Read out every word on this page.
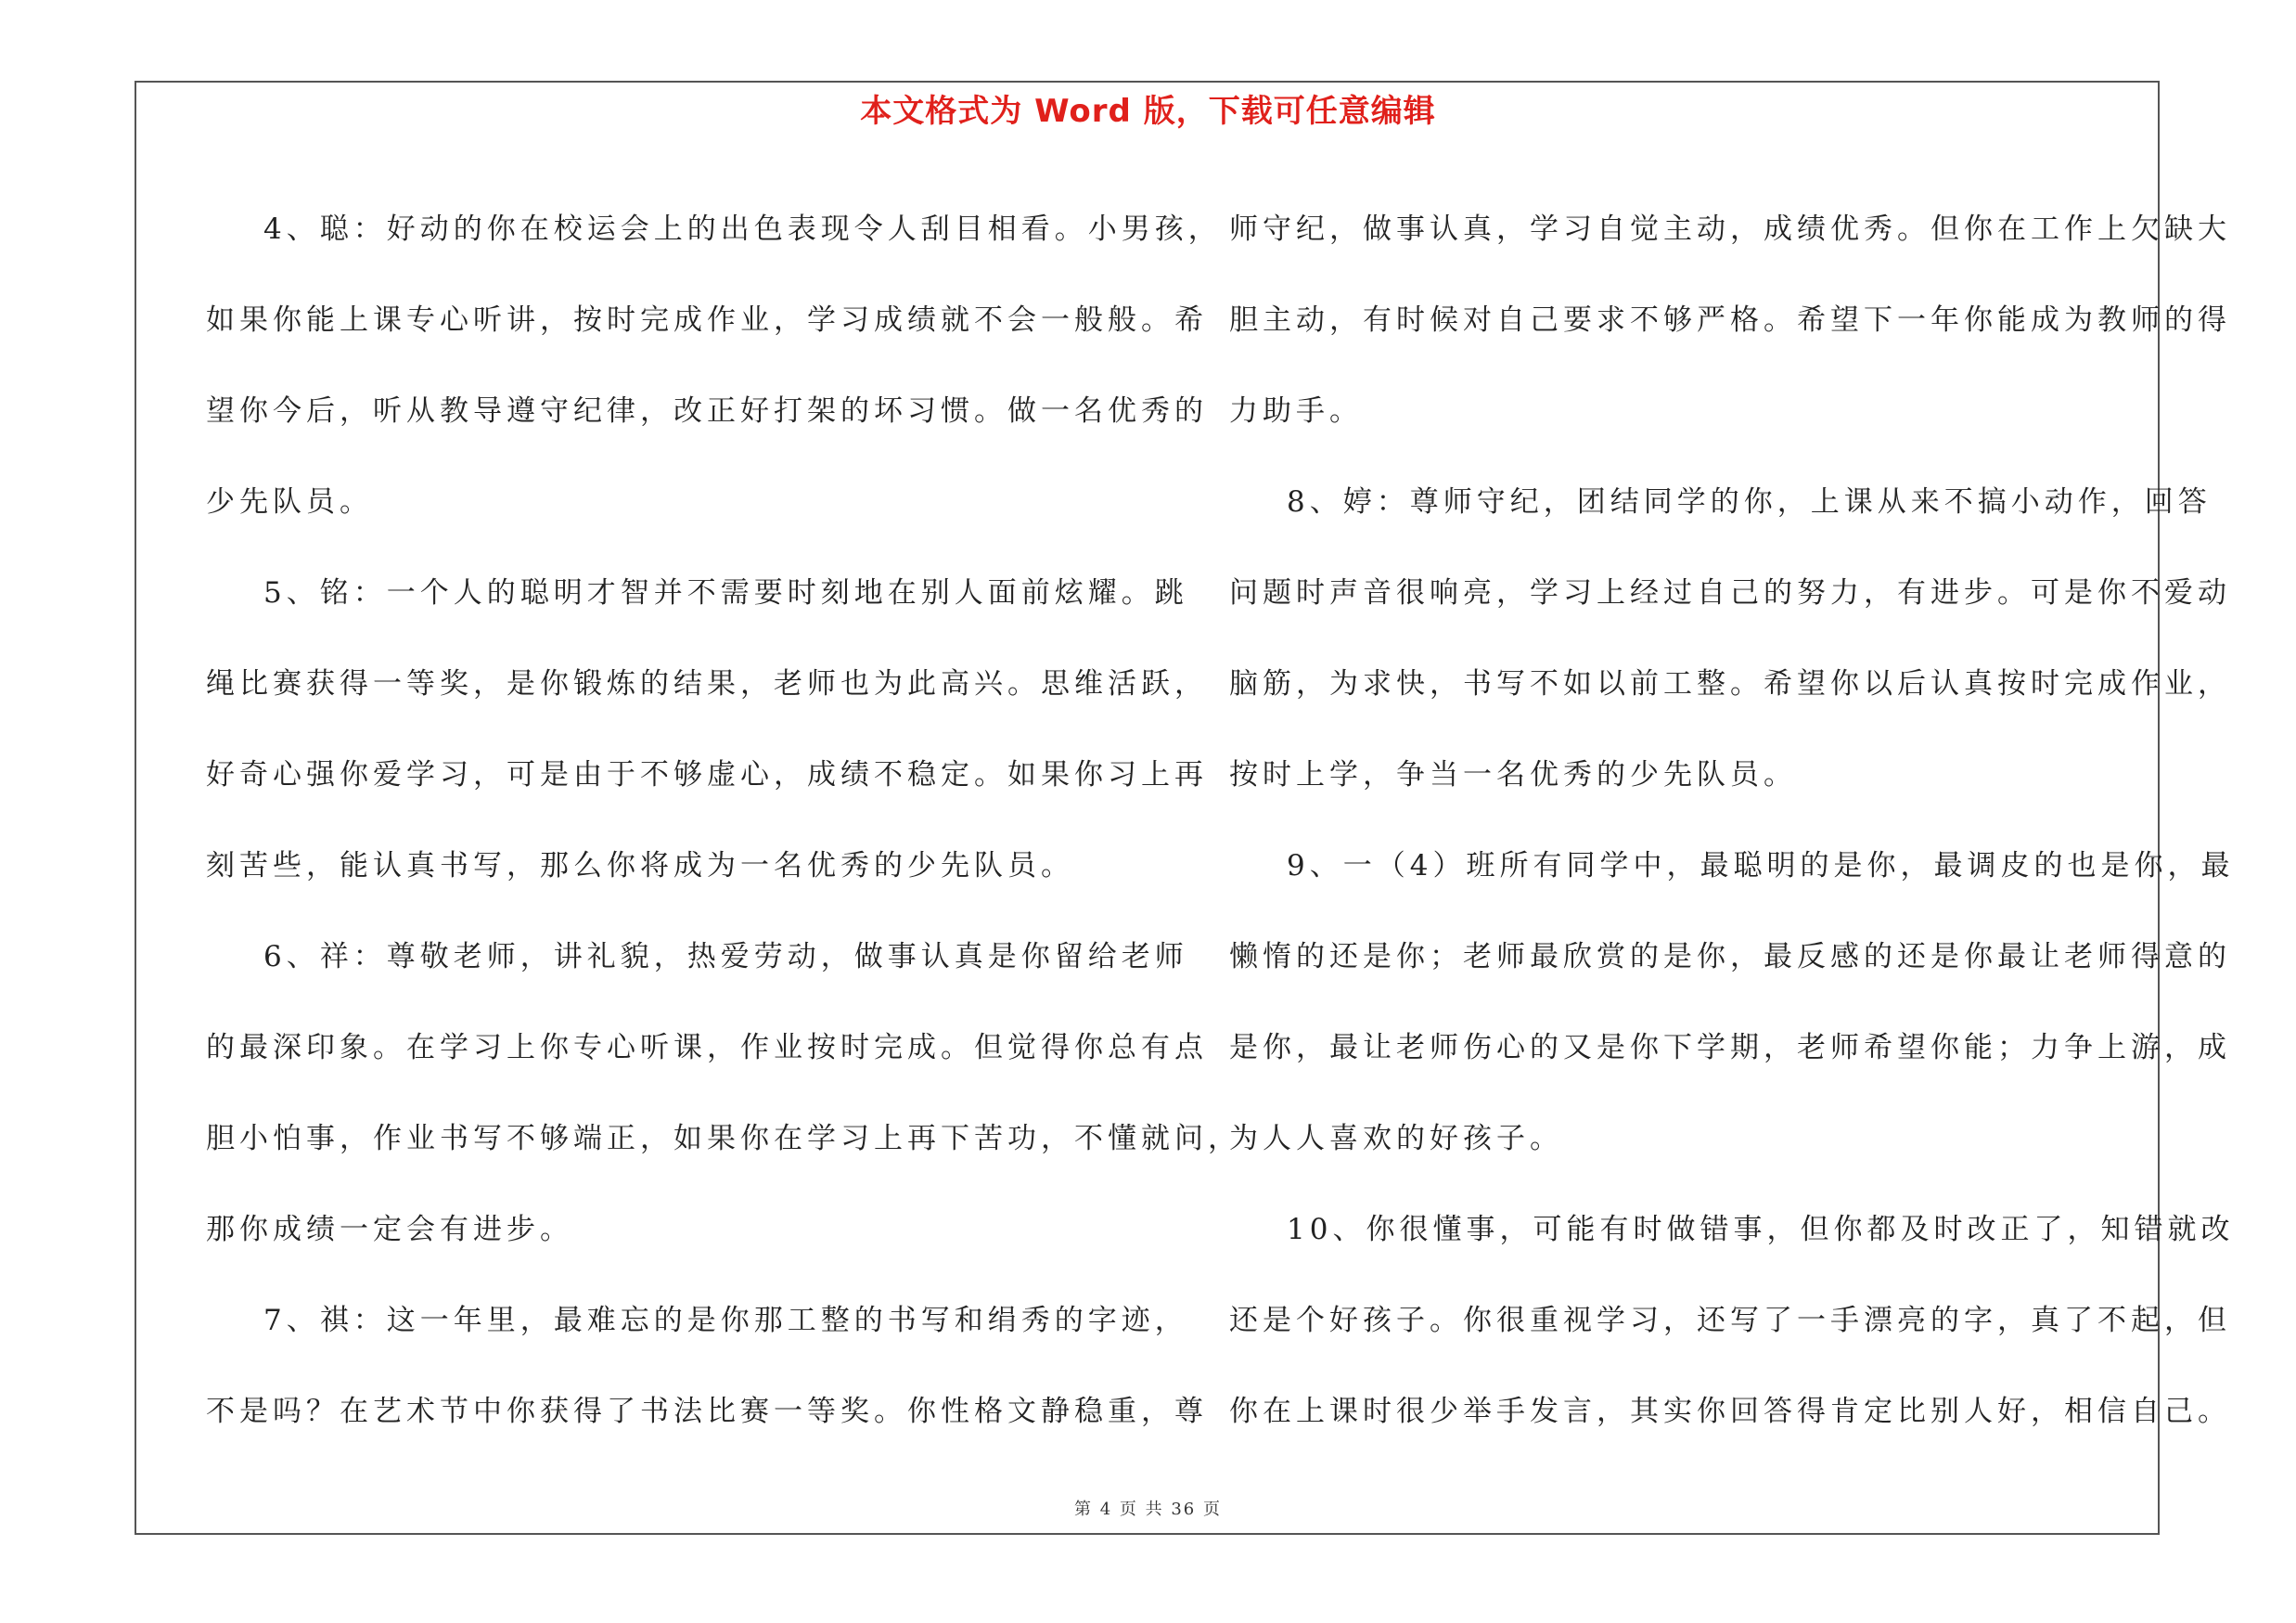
本文格式为 Word 版，下载可任意编辑
4、聪：好动的你在校运会上的出色表现令人刮目相看。小男孩，
如果你能上课专心听讲，按时完成作业，学习成绩就不会一般般。希
望你今后，听从教导遵守纪律，改正好打架的坏习惯。做一名优秀的
少先队员。
5、铭：一个人的聪明才智并不需要时刻地在别人面前炫耀。跳
绳比赛获得一等奖，是你锻炼的结果，老师也为此高兴。思维活跃，
好奇心强你爱学习，可是由于不够虚心，成绩不稳定。如果你习上再
刻苦些，能认真书写，那么你将成为一名优秀的少先队员。
6、祥：尊敬老师，讲礼貌，热爱劳动，做事认真是你留给老师
的最深印象。在学习上你专心听课，作业按时完成。但觉得你总有点
胆小怕事，作业书写不够端正，如果你在学习上再下苦功，不懂就问，
那你成绩一定会有进步。
7、祺：这一年里，最难忘的是你那工整的书写和绢秀的字迹，
不是吗？在艺术节中你获得了书法比赛一等奖。你性格文静稳重，尊
师守纪，做事认真，学习自觉主动，成绩优秀。但你在工作上欠缺大
胆主动，有时候对自己要求不够严格。希望下一年你能成为教师的得
力助手。
8、婷：尊师守纪，团结同学的你，上课从来不搞小动作，回答
问题时声音很响亮，学习上经过自己的努力，有进步。可是你不爱动
脑筋，为求快，书写不如以前工整。希望你以后认真按时完成作业，
按时上学，争当一名优秀的少先队员。
9、一（4）班所有同学中，最聪明的是你，最调皮的也是你，最
懒惰的还是你；老师最欣赏的是你，最反感的还是你最让老师得意的
是你，最让老师伤心的又是你下学期，老师希望你能；力争上游，成
为人人喜欢的好孩子。
10、你很懂事，可能有时做错事，但你都及时改正了，知错就改
还是个好孩子。你很重视学习，还写了一手漂亮的字，真了不起，但
你在上课时很少举手发言，其实你回答得肯定比别人好，相信自己。
第 4 页 共 36 页
